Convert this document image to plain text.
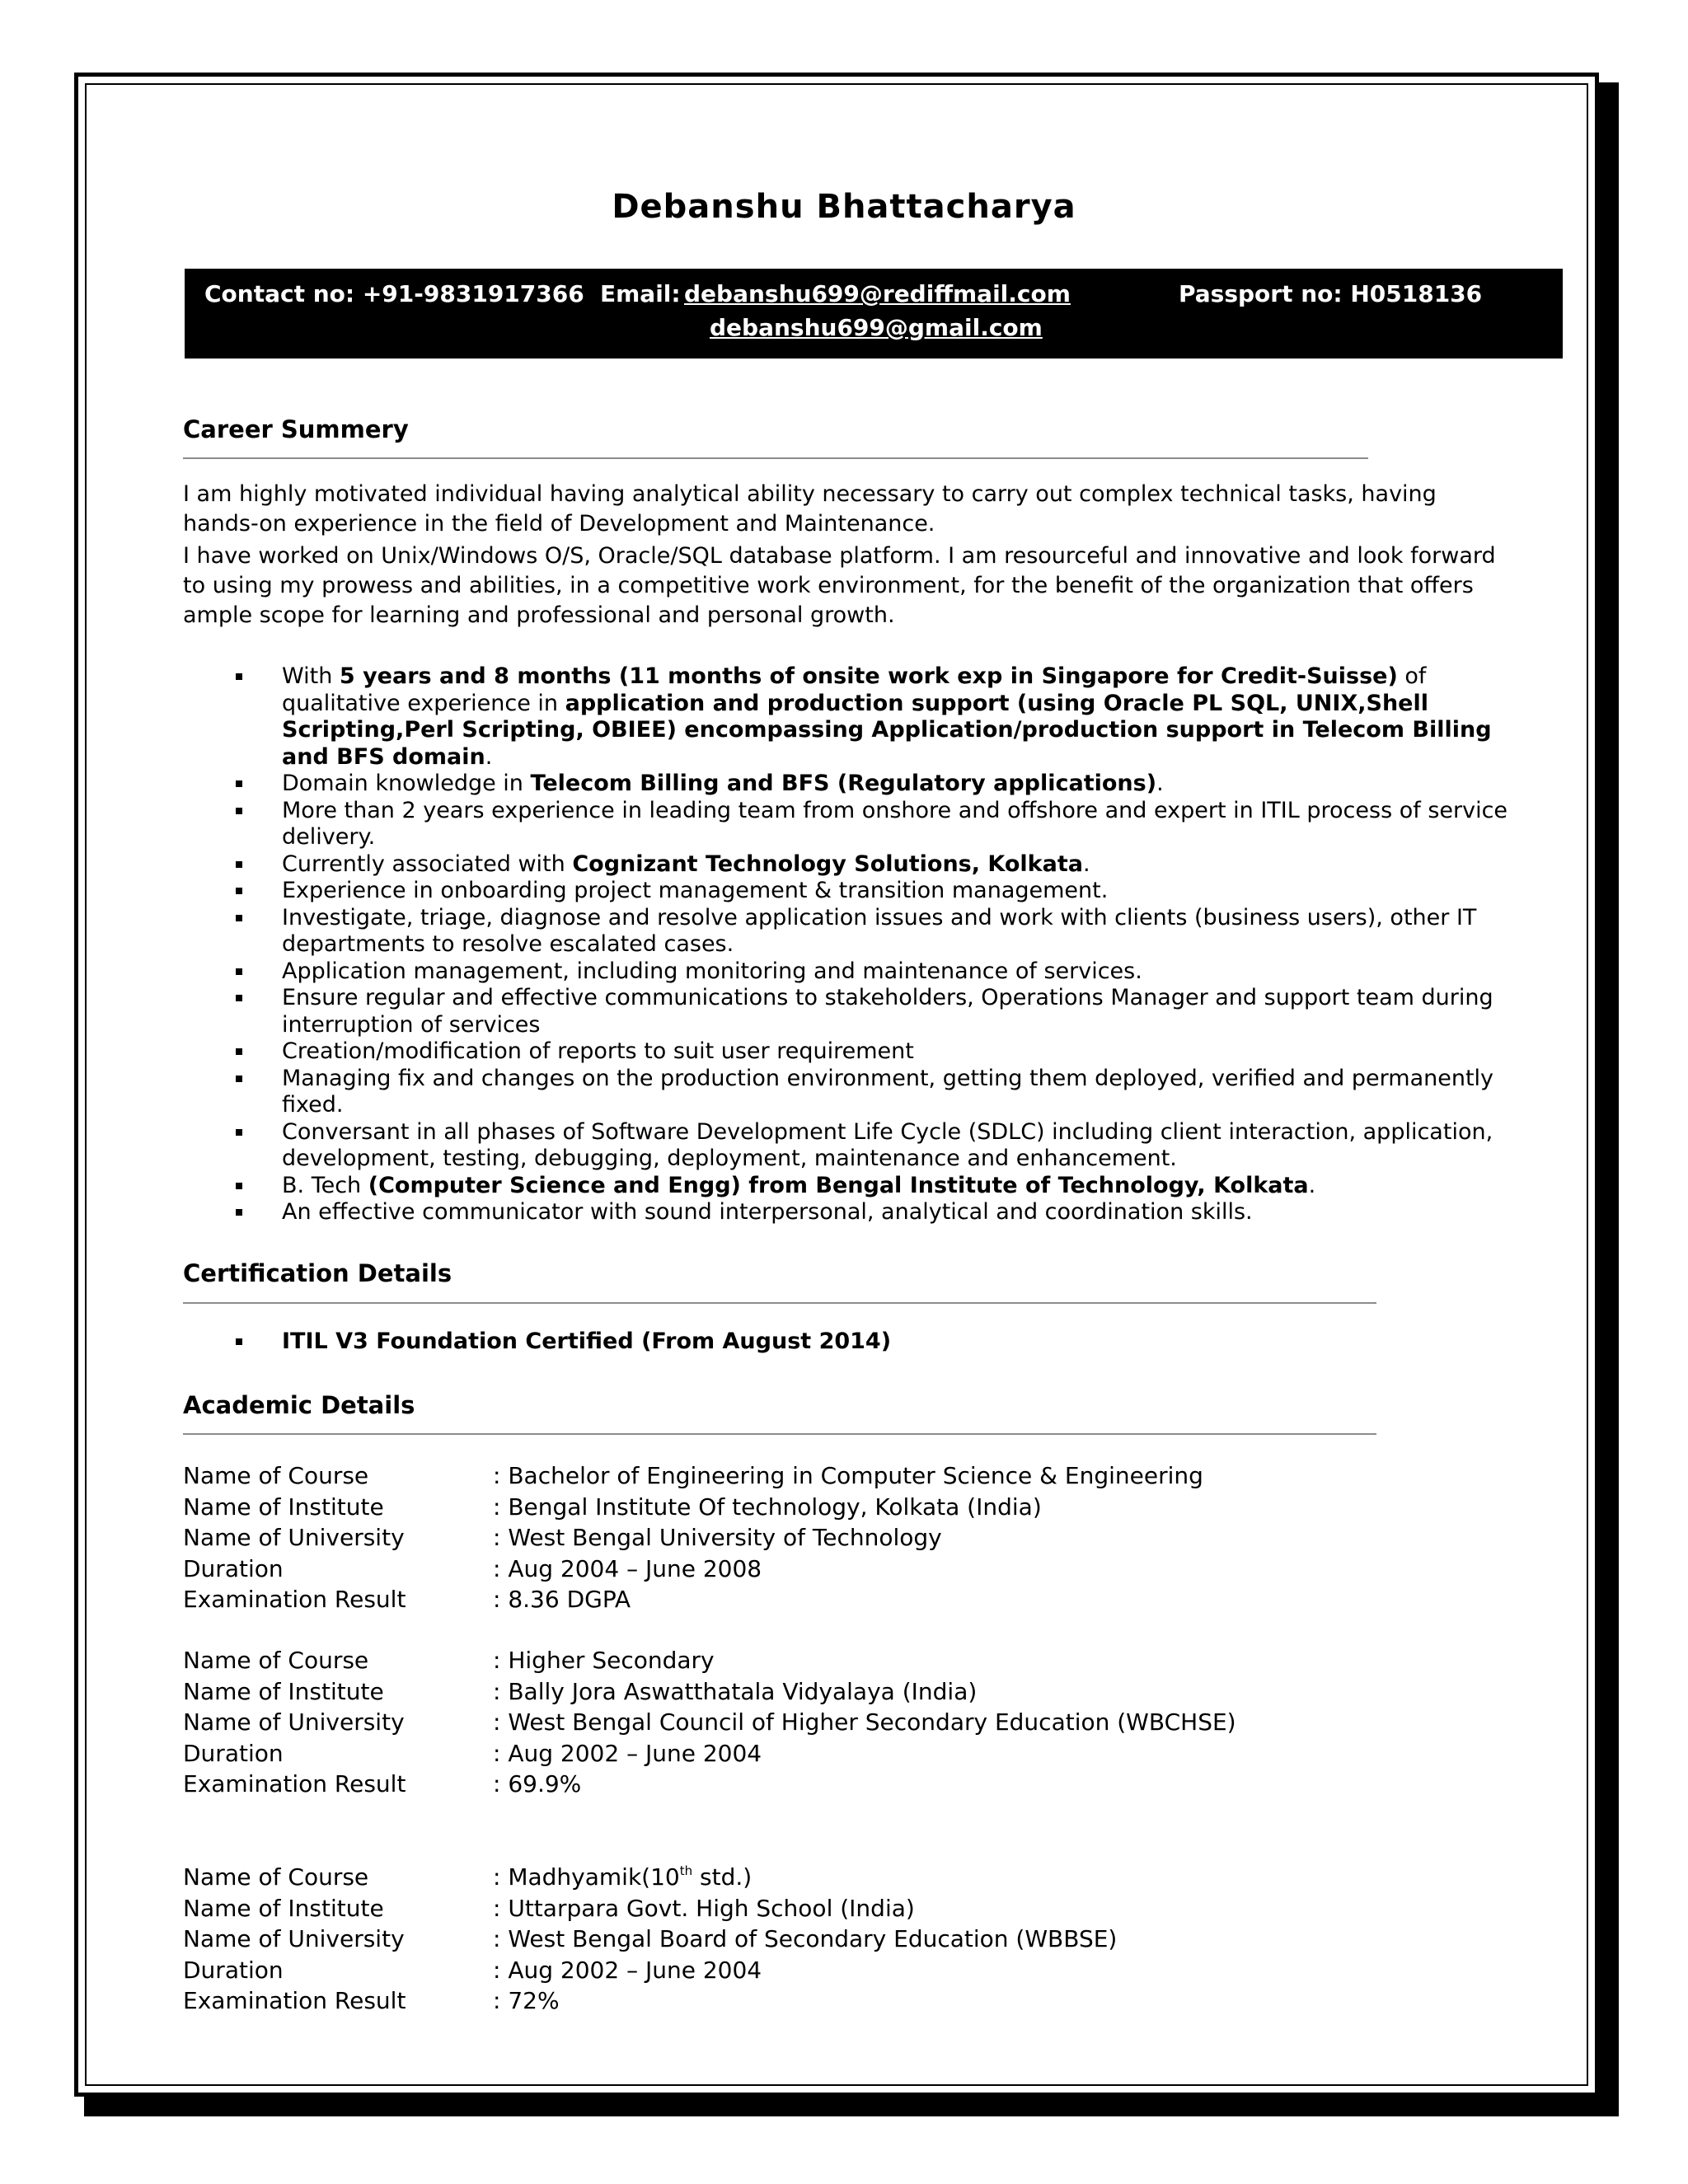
Debanshu Bhattacharya
Contact no: +91-9831917366 Email: debanshu699@rediffmail.com
debanshu699@gmail.com
Passport no: H0518136
Career Summery
I am highly motivated individual having analytical ability necessary to carry out complex technical tasks, having hands-on experience in the field of Development and Maintenance.
I have worked on Unix/Windows O/S, Oracle/SQL database platform. I am resourceful and innovative and look forward to using my prowess and abilities, in a competitive work environment, for the benefit of the organization that offers ample scope for learning and professional and personal growth.
With 5 years and 8 months (11 months of onsite work exp in Singapore for Credit-Suisse) of qualitative experience in application and production support (using Oracle PL SQL, UNIX,Shell Scripting,Perl Scripting, OBIEE) encompassing Application/production support in Telecom Billing and BFS domain.
Domain knowledge in Telecom Billing and BFS (Regulatory applications).
More than 2 years experience in leading team from onshore and offshore and expert in ITIL process of service delivery.
Currently associated with Cognizant Technology Solutions, Kolkata.
Experience in onboarding project management & transition management.
Investigate, triage, diagnose and resolve application issues and work with clients (business users), other IT departments to resolve escalated cases.
Application management, including monitoring and maintenance of services.
Ensure regular and effective communications to stakeholders, Operations Manager and support team during interruption of services
Creation/modification of reports to suit user requirement
Managing fix and changes on the production environment, getting them deployed, verified and permanently fixed.
Conversant in all phases of Software Development Life Cycle (SDLC) including client interaction, application, development, testing, debugging, deployment, maintenance and enhancement.
B. Tech (Computer Science and Engg) from Bengal Institute of Technology, Kolkata.
An effective communicator with sound interpersonal, analytical and coordination skills.
Certification Details
ITIL V3 Foundation Certified (From August 2014)
Academic Details
Name of Course	: Bachelor of Engineering in Computer Science & Engineering
Name of Institute	: Bengal Institute Of technology, Kolkata (India)
Name of University	: West Bengal University of Technology
Duration	: Aug 2004 – June 2008
Examination Result	: 8.36 DGPA
Name of Course	: Higher Secondary
Name of Institute	: Bally Jora Aswatthatala Vidyalaya (India)
Name of University	: West Bengal Council of Higher Secondary Education (WBCHSE)
Duration	: Aug 2002 – June 2004
Examination Result	: 69.9%
Name of Course	: Madhyamik(10th std.)
Name of Institute	: Uttarpara Govt. High School (India)
Name of University	: West Bengal Board of Secondary Education (WBBSE)
Duration	: Aug 2002 – June 2004
Examination Result	: 72%
